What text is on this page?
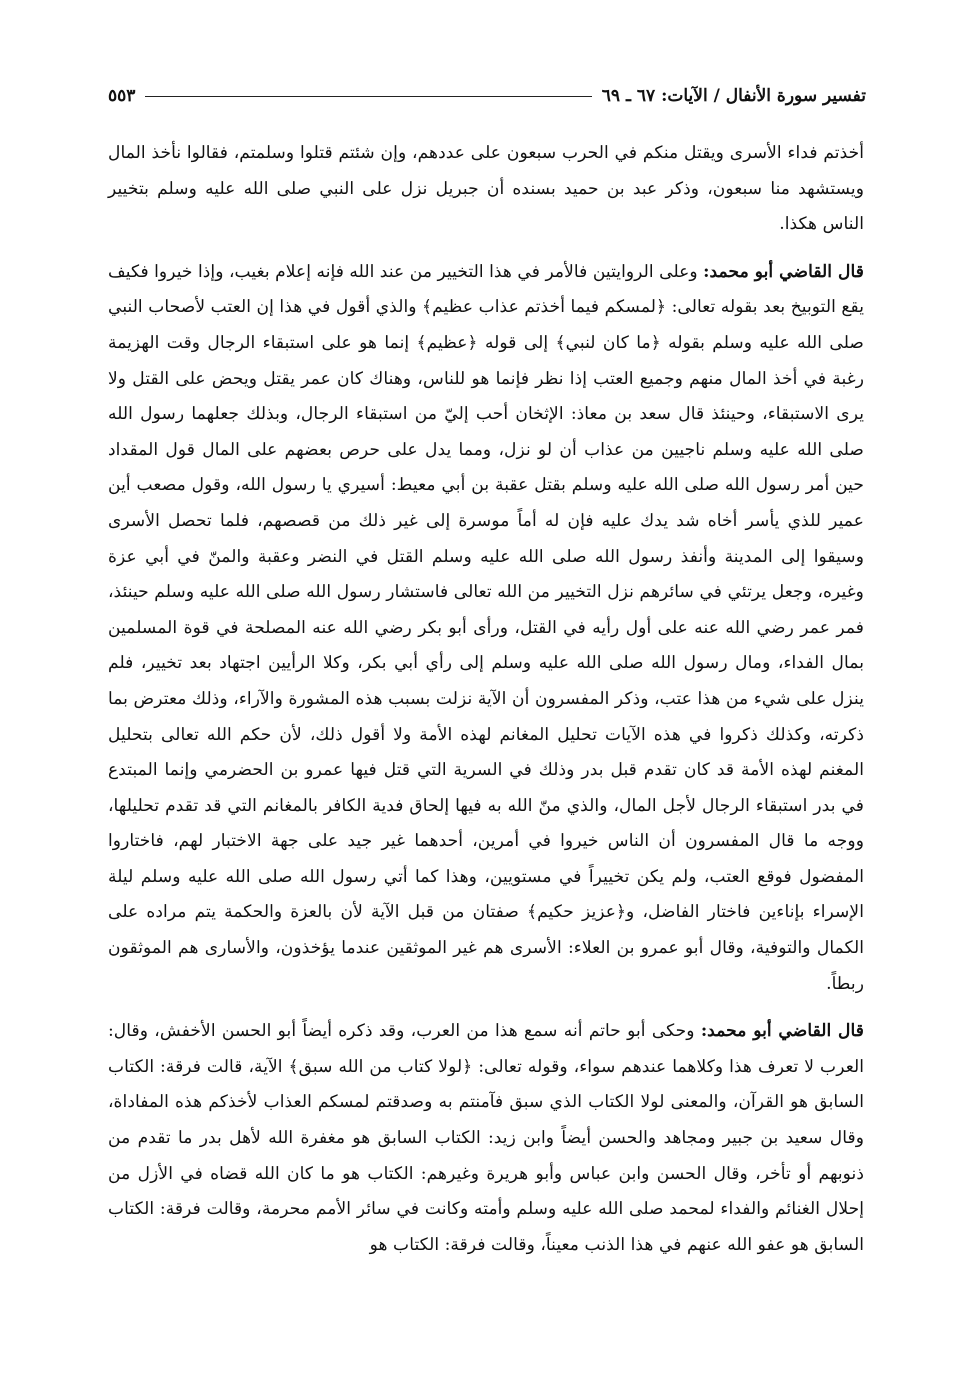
تفسير سورة الأنفال / الآيات: ٦٧ ـ ٦٩
٥٥٣

أخذتم فداء الأسرى ويقتل منكم في الحرب سبعون على عددهم، وإن شئتم قتلوا وسلمتم، فقالوا نأخذ المال ويستشهد منا سبعون، وذكر عبد بن حميد بسنده أن جبريل نزل على النبي صلى الله عليه وسلم بتخيير الناس هكذا.

قال القاضي أبو محمد: وعلى الروايتين فالأمر في هذا التخيير من عند الله فإنه إعلام بغيب، وإذا خيروا فكيف يقع التوبيخ بعد بقوله تعالى: ﴿لمسكم فيما أخذتم عذاب عظيم﴾ والذي أقول في هذا إن العتب لأصحاب النبي صلى الله عليه وسلم بقوله ﴿ما كان لنبي﴾ إلى قوله ﴿عظيم﴾ إنما هو على استبقاء الرجال وقت الهزيمة رغبة في أخذ المال منهم وجميع العتب إذا نظر فإنما هو للناس، وهناك كان عمر يقتل ويحض على القتل ولا يرى الاستبقاء، وحينئذ قال سعد بن معاذ: الإثخان أحب إليّ من استبقاء الرجال، وبذلك جعلهما رسول الله صلى الله عليه وسلم ناجيين من عذاب أن لو نزل، ومما يدل على حرص بعضهم على المال قول المقداد حين أمر رسول الله صلى الله عليه وسلم بقتل عقبة بن أبي معيط: أسيري يا رسول الله، وقول مصعب أين عمير للذي يأسر أخاه شد يدك عليه فإن له أماً موسرة إلى غير ذلك من قصصهم، فلما تحصل الأسرى وسيقوا إلى المدينة وأنفذ رسول الله صلى الله عليه وسلم القتل في النضر وعقبة والمنّ في أبي عزة وغيره، وجعل يرتئي في سائرهم نزل التخيير من الله تعالى فاستشار رسول الله صلى الله عليه وسلم حينئذ، فمر عمر رضي الله عنه على أول رأيه في القتل، ورأى أبو بكر رضي الله عنه المصلحة في قوة المسلمين بمال الفداء، ومال رسول الله صلى الله عليه وسلم إلى رأي أبي بكر، وكلا الرأيين اجتهاد بعد تخيير، فلم ينزل على شيء من هذا عتب، وذكر المفسرون أن الآية نزلت بسبب هذه المشورة والآراء، وذلك معترض بما ذكرته، وكذلك ذكروا في هذه الآيات تحليل المغانم لهذه الأمة ولا أقول ذلك، لأن حكم الله تعالى بتحليل المغنم لهذه الأمة قد كان تقدم قبل بدر وذلك في السرية التي قتل فيها عمرو بن الحضرمي وإنما المبتدع في بدر استبقاء الرجال لأجل المال، والذي منّ الله به فيها إلحاق فدية الكافر بالمغانم التي قد تقدم تحليلها، ووجه ما قال المفسرون أن الناس خيروا في أمرين، أحدهما غير جيد على جهة الاختبار لهم، فاختاروا المفضول فوقع العتب، ولم يكن تخييراً في مستويين، وهذا كما أتي رسول الله صلى الله عليه وسلم ليلة الإسراء بإناءين فاختار الفاضل، و﴿عزيز حكيم﴾ صفتان من قبل الآية لأن بالعزة والحكمة يتم مراده على الكمال والتوفية، وقال أبو عمرو بن العلاء: الأسرى هم غير الموثقين عندما يؤخذون، والأسارى هم الموثقون ربطاً.

قال القاضي أبو محمد: وحكى أبو حاتم أنه سمع هذا من العرب، وقد ذكره أيضاً أبو الحسن الأخفش، وقال: العرب لا تعرف هذا وكلاهما عندهم سواء، وقوله تعالى: ﴿لولا كتاب من الله سبق﴾ الآية، قالت فرقة: الكتاب السابق هو القرآن، والمعنى لولا الكتاب الذي سبق فآمنتم به وصدقتم لمسكم العذاب لأخذكم هذه المفاداة، وقال سعيد بن جبير ومجاهد والحسن أيضاً وابن زيد: الكتاب السابق هو مغفرة الله لأهل بدر ما تقدم من ذنوبهم أو تأخر، وقال الحسن وابن عباس وأبو هريرة وغيرهم: الكتاب هو ما كان الله قضاه في الأزل من إحلال الغنائم والفداء لمحمد صلى الله عليه وسلم وأمته وكانت في سائر الأمم محرمة، وقالت فرقة: الكتاب السابق هو عفو الله عنهم في هذا الذنب معيناً، وقالت فرقة: الكتاب هو
